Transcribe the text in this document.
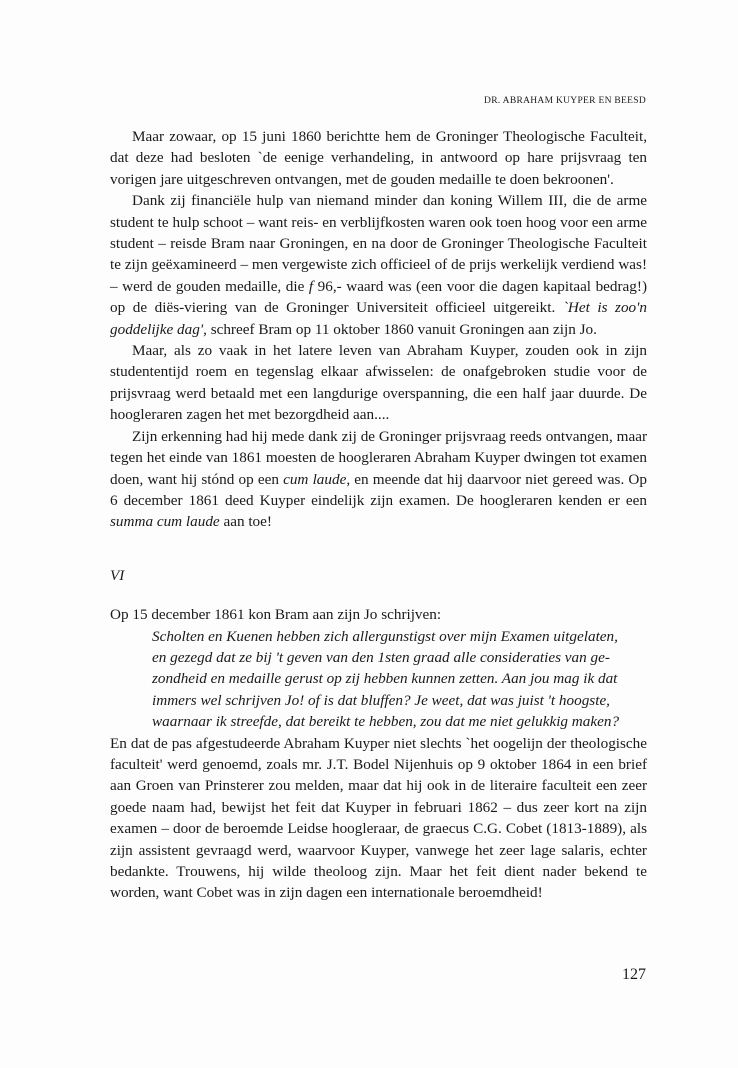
DR. ABRAHAM KUYPER EN BEESD

Maar zowaar, op 15 juni 1860 berichtte hem de Groninger Theologische Faculteit, dat deze had besloten `de eenige verhandeling, in antwoord op hare prijsvraag ten vorigen jare uitgeschreven ontvangen, met de gouden medaille te doen bekroonen'.

Dank zij financiële hulp van niemand minder dan koning Willem III, die de arme student te hulp schoot – want reis- en verblijfkosten waren ook toen hoog voor een arme student – reisde Bram naar Groningen, en na door de Groninger Theologische Faculteit te zijn geëxamineerd – men vergewiste zich officieel of de prijs werkelijk verdiend was! – werd de gouden medaille, die f 96,- waard was (een voor die dagen kapitaal bedrag!) op de diës-viering van de Groninger Universiteit officieel uitgereikt. `Het is zoo'n goddelijke dag', schreef Bram op 11 oktober 1860 vanuit Groningen aan zijn Jo.

Maar, als zo vaak in het latere leven van Abraham Kuyper, zouden ook in zijn studententijd roem en tegenslag elkaar afwisselen: de onafgebroken studie voor de prijsvraag werd betaald met een langdurige overspanning, die een half jaar duurde. De hoogleraren zagen het met bezorgdheid aan....

Zijn erkenning had hij mede dank zij de Groninger prijsvraag reeds ontvangen, maar tegen het einde van 1861 moesten de hoogleraren Abraham Kuyper dwingen tot examen doen, want hij stónd op een cum laude, en meende dat hij daarvoor niet gereed was. Op 6 december 1861 deed Kuyper eindelijk zijn examen. De hoogleraren kenden er een summa cum laude aan toe!

VI

Op 15 december 1861 kon Bram aan zijn Jo schrijven:

Scholten en Kuenen hebben zich allergunstigst over mijn Examen uitgelaten,
en gezegd dat ze bij 't geven van den 1sten graad alle consideraties van ge-
zondheid en medaille gerust op zij hebben kunnen zetten. Aan jou mag ik dat
immers wel schrijven Jo! of is dat bluffen? Je weet, dat was juist 't hoogste,
waarnaar ik streefde, dat bereikt te hebben, zou dat me niet gelukkig maken?

En dat de pas afgestudeerde Abraham Kuyper niet slechts `het oogelijn der theologische faculteit' werd genoemd, zoals mr. J.T. Bodel Nijenhuis op 9 oktober 1864 in een brief aan Groen van Prinsterer zou melden, maar dat hij ook in de literaire faculteit een zeer goede naam had, bewijst het feit dat Kuyper in februari 1862 – dus zeer kort na zijn examen – door de beroemde Leidse hoogleraar, de graecus C.G. Cobet (1813-1889), als zijn assistent gevraagd werd, waarvoor Kuyper, vanwege het zeer lage salaris, echter bedankte. Trouwens, hij wilde theoloog zijn. Maar het feit dient nader bekend te worden, want Cobet was in zijn dagen een internationale beroemdheid!

127
